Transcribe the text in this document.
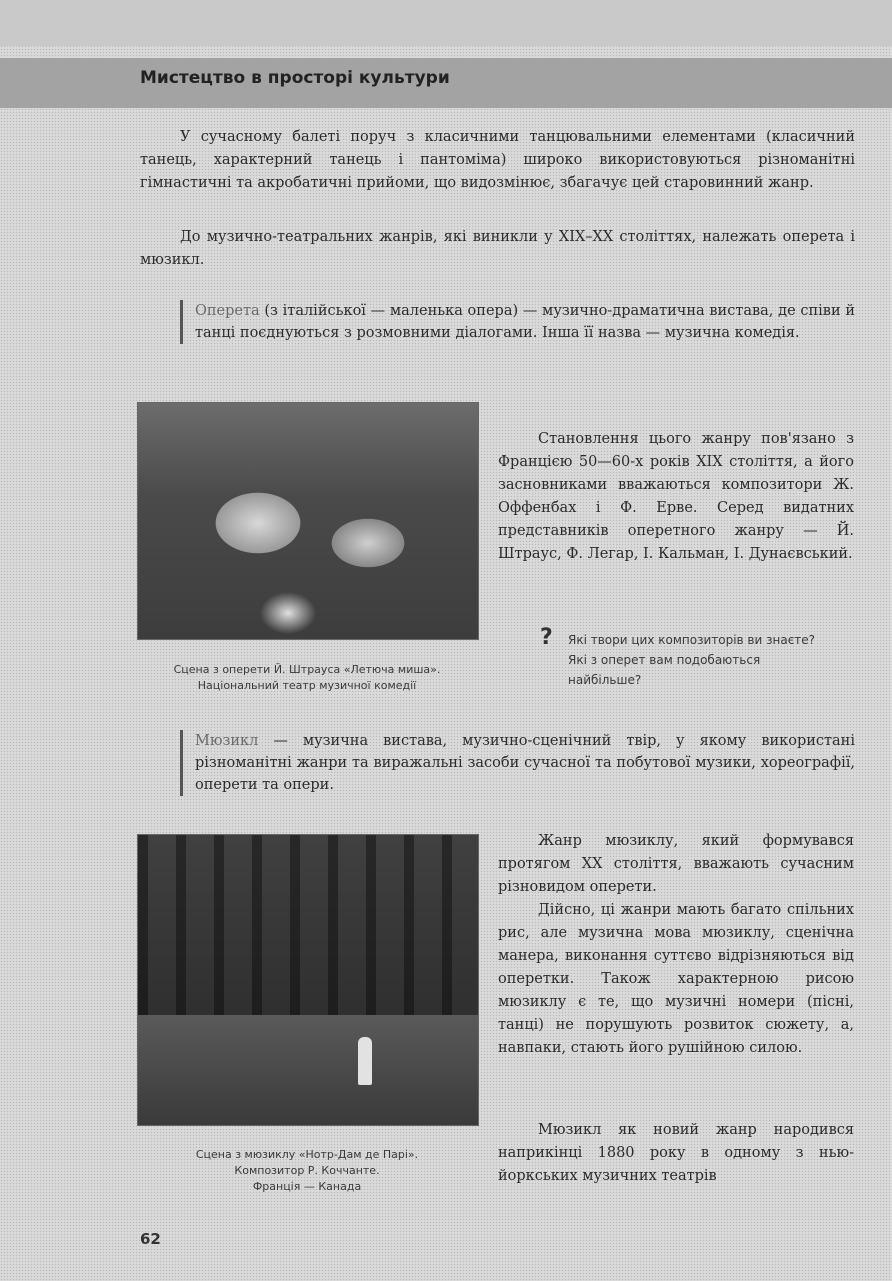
Мистецтво в просторі культури

У сучасному балеті поруч з класичними танцювальними елементами (класичний танець, характерний танець і пантоміма) широко використовуються різноманітні гімнастичні та акробатичні прийоми, що видозмінює, збагачує цей старовинний жанр.

До музично-театральних жанрів, які виникли у XIX–XX століттях, належать оперета і мюзикл.

Оперета (з італійської — маленька опера) — музично-драматична вистава, де співи й танці поєднуються з розмовними діалогами. Інша її назва — музична комедія.
Сцена з оперети Й. Штрауса «Летюча миша». Національний театр музичної комедії

Становлення цього жанру пов'язано з Францією 50—60-х років XIX століття, а його засновниками вважаються композитори Ж. Оффенбах і Ф. Ерве. Серед видатних представників оперетного жанру — Й. Штраус, Ф. Легар, І. Кальман, І. Дунаєвський.

? Які твори цих композиторів ви знаєте? Які з оперет вам подобаються найбільше?
Мюзикл — музична вистава, музично-сценічний твір, у якому використані різноманітні жанри та виражальні засоби сучасної та побутової музики, хореографії, оперети та опери.
Сцена з мюзиклу «Нотр-Дам де Парі».
Композитор Р. Коччанте.
Франція — Канада

Жанр мюзиклу, який формувався протягом XX століття, вважають сучасним різновидом оперети.

Дійсно, ці жанри мають багато спільних рис, але музична мова мюзиклу, сценічна манера, виконання суттєво відрізняються від оперетки. Також характерною рисою мюзиклу є те, що музичні номери (пісні, танці) не порушують розвиток сюжету, а, навпаки, стають його рушійною силою.

Мюзикл як новий жанр народився наприкінці 1880 року в одному з нью-йоркських музичних театрів

62
